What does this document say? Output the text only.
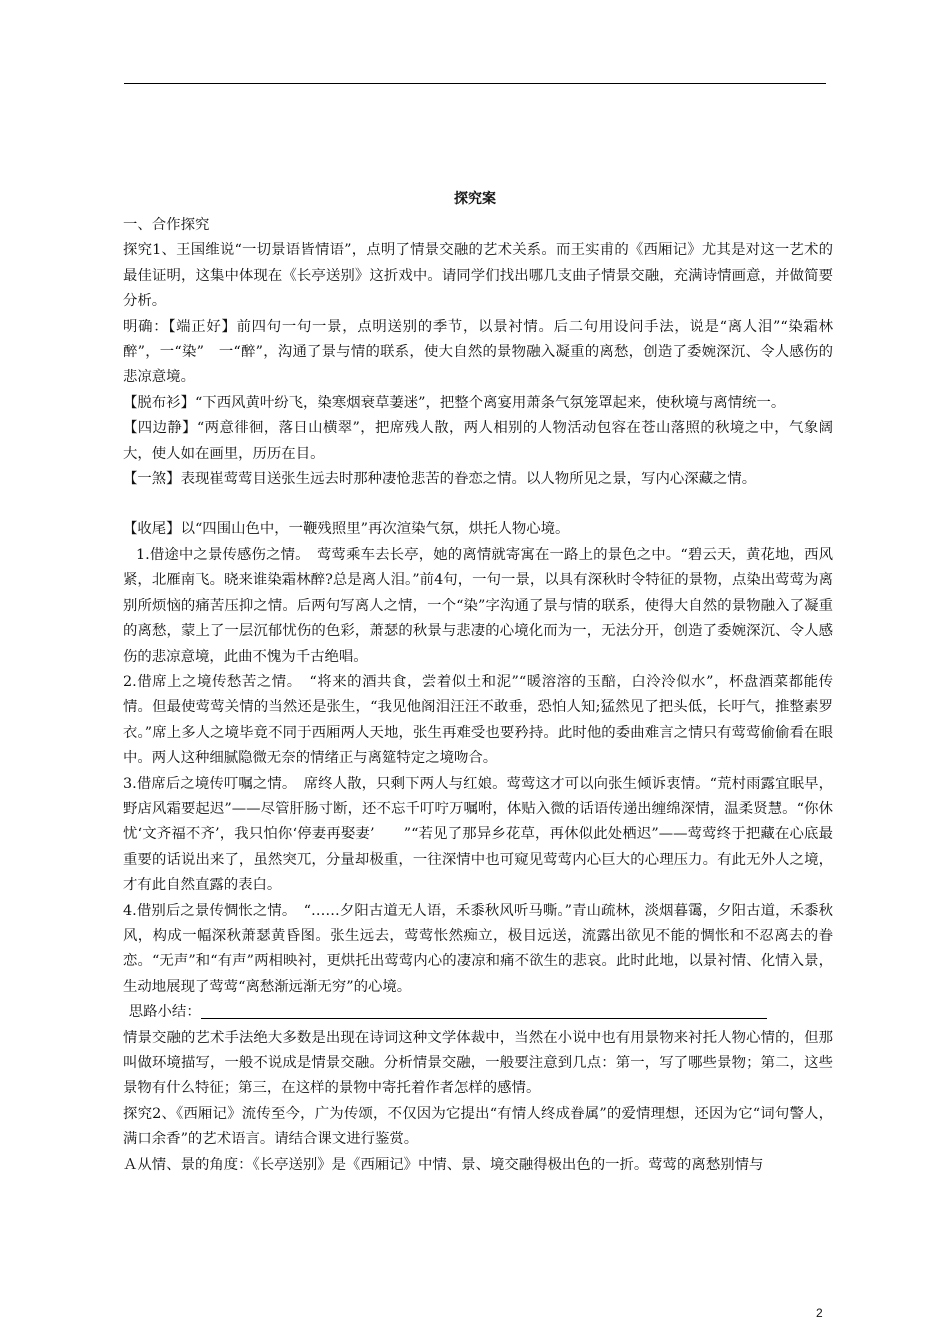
探究案

一、合作探究

探究1、王国维说“一切景语皆情语”，点明了情景交融的艺术关系。而王实甫的《西厢记》尤其是对这一艺术的最佳证明，这集中体现在《长亭送别》这折戏中。请同学们找出哪几支曲子情景交融，充满诗情画意，并做简要分析。

明确：【端正好】前四句一句一景，点明送别的季节，以景衬情。后二句用设问手法，说是“离人泪”“染霜林醉”，一“染”　一“醉”，沟通了景与情的联系，使大自然的景物融入凝重的离愁，创造了委婉深沉、令人感伤的悲凉意境。

【脱布衫】“下西风黄叶纷飞，染寒烟衰草萋迷”，把整个离宴用萧条气氛笼罩起来，使秋境与离情统一。

【四边静】“两意徘徊，落日山横翠”，把席残人散，两人相别的人物活动包容在苍山落照的秋境之中，气象阔大，使人如在画里，历历在目。

【一煞】表现崔莺莺目送张生远去时那种凄怆悲苦的眷恋之情。以人物所见之景，写内心深藏之情。

【收尾】以“四围山色中，一鞭残照里”再次渲染气氛，烘托人物心境。

1.借途中之景传感伤之情。　莺莺乘车去长亭，她的离情就寄寓在一路上的景色之中。“碧云天，黄花地，西风紧，北雁南飞。晓来谁染霜林醉?总是离人泪。”前4句，一句一景，以具有深秋时令特征的景物，点染出莺莺为离别所烦恼的痛苦压抑之情。后两句写离人之情，一个“染”字沟通了景与情的联系，使得大自然的景物融入了凝重的离愁，蒙上了一层沉郁忧伤的色彩，萧瑟的秋景与悲凄的心境化而为一，无法分开，创造了委婉深沉、令人感伤的悲凉意境，此曲不愧为千古绝唱。

2.借席上之境传愁苦之情。　“将来的酒共食，尝着似土和泥”“暖溶溶的玉醅，白泠泠似水”，杯盘酒菜都能传情。但最使莺莺关情的当然还是张生，“我见他阁泪汪汪不敢垂，恐怕人知;猛然见了把头低，长吁气，推整素罗衣。”席上多人之境毕竟不同于西厢两人天地，张生再难受也要矜持。此时他的委曲难言之情只有莺莺偷偷看在眼中。两人这种细腻隐微无奈的情绪正与离筵特定之境吻合。

3.借席后之境传叮嘱之情。　席终人散，只剩下两人与红娘。莺莺这才可以向张生倾诉衷情。“荒村雨露宜眠早，野店风霜要起迟”——尽管肝肠寸断，还不忘千叮咛万嘱咐，体贴入微的话语传递出缠绵深情，温柔贤慧。“你休忧‘文齐福不齐’，我只怕你‘停妻再娶妻’　　”“若见了那异乡花草，再休似此处栖迟”——莺莺终于把藏在心底最重要的话说出来了，虽然突兀，分量却极重，一往深情中也可窥见莺莺内心巨大的心理压力。有此无外人之境，才有此自然直露的表白。

4.借别后之景传惆怅之情。　“……夕阳古道无人语，禾黍秋风听马嘶。”青山疏林，淡烟暮霭，夕阳古道，禾黍秋风，构成一幅深秋萧瑟黄昏图。张生远去，莺莺怅然痴立，极目远送，流露出欲见不能的惆怅和不忍离去的眷恋。“无声”和“有声”两相映衬，更烘托出莺莺内心的凄凉和痛不欲生的悲哀。此时此地，以景衬情、化情入景，生动地展现了莺莺“离愁渐远渐无穷”的心境。

思路小结：

情景交融的艺术手法绝大多数是出现在诗词这种文学体裁中，当然在小说中也有用景物来衬托人物心情的，但那叫做环境描写，一般不说成是情景交融。分析情景交融，一般要注意到几点：第一，写了哪些景物；第二，这些景物有什么特征；第三，在这样的景物中寄托着作者怎样的感情。

探究2、《西厢记》流传至今，广为传颂，不仅因为它提出“有情人终成眷属”的爱情理想，还因为它“词句警人，满口余香”的艺术语言。请结合课文进行鉴赏。

Ａ从情、景的角度：《长亭送别》是《西厢记》中情、景、境交融得极出色的一折。莺莺的离愁别情与

2
